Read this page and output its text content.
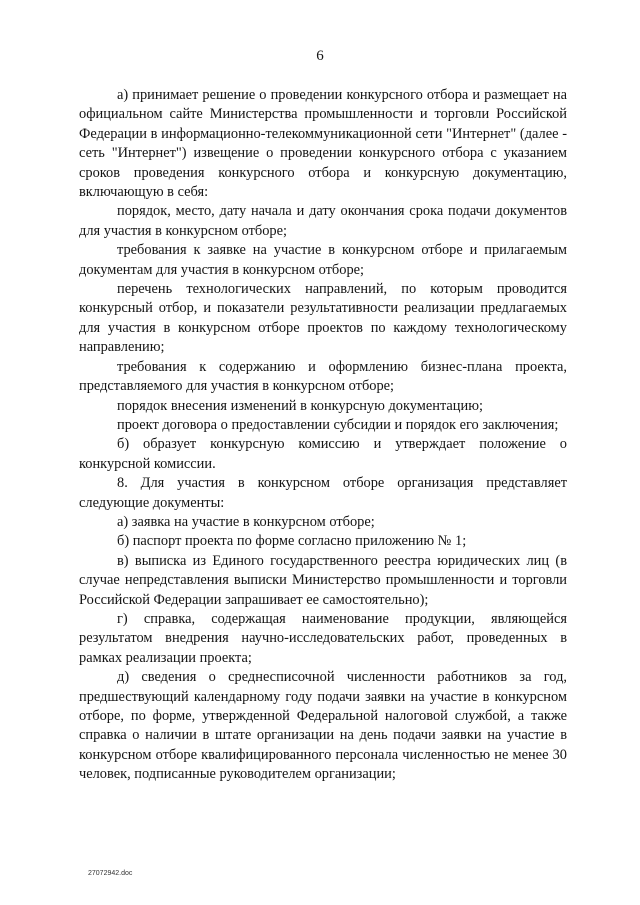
6

а) принимает решение о проведении конкурсного отбора и размещает на официальном сайте Министерства промышленности и торговли Российской Федерации в информационно-телекоммуникационной сети "Интернет" (далее - сеть "Интернет") извещение о проведении конкурсного отбора с указанием сроков проведения конкурсного отбора и конкурсную документацию, включающую в себя:

порядок, место, дату начала и дату окончания срока подачи документов для участия в конкурсном отборе;

требования к заявке на участие в конкурсном отборе и прилагаемым документам для участия в конкурсном отборе;

перечень технологических направлений, по которым проводится конкурсный отбор, и показатели результативности реализации предлагаемых для участия в конкурсном отборе проектов по каждому технологическому направлению;

требования к содержанию и оформлению бизнес-плана проекта, представляемого для участия в конкурсном отборе;

порядок внесения изменений в конкурсную документацию;

проект договора о предоставлении субсидии и порядок его заключения;

б) образует конкурсную комиссию и утверждает положение о конкурсной комиссии.

8. Для участия в конкурсном отборе организация представляет следующие документы:

а) заявка на участие в конкурсном отборе;

б) паспорт проекта по форме согласно приложению № 1;

в) выписка из Единого государственного реестра юридических лиц (в случае непредставления выписки Министерство промышленности и торговли Российской Федерации запрашивает ее самостоятельно);

г) справка, содержащая наименование продукции, являющейся результатом внедрения научно-исследовательских работ, проведенных в рамках реализации проекта;

д) сведения о среднесписочной численности работников за год, предшествующий календарному году подачи заявки на участие в конкурсном отборе, по форме, утвержденной Федеральной налоговой службой, а также справка о наличии в штате организации на день подачи заявки на участие в конкурсном отборе квалифицированного персонала численностью не менее 30 человек, подписанные руководителем организации;

27072942.doc
